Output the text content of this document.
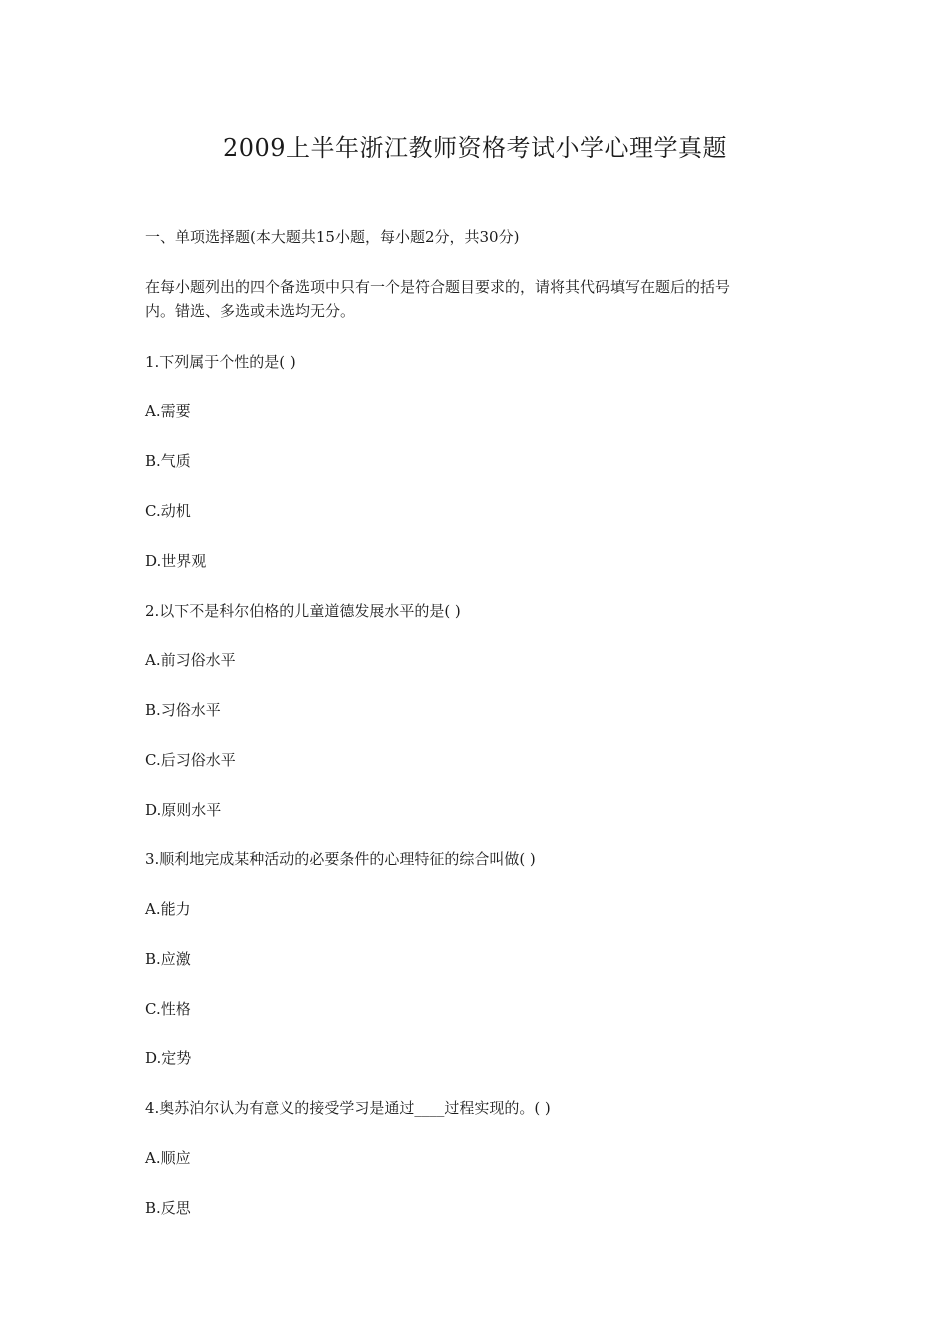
2009上半年浙江教师资格考试小学心理学真题
一、单项选择题(本大题共15小题，每小题2分，共30分)
在每小题列出的四个备选项中只有一个是符合题目要求的，请将其代码填写在题后的括号
内。错选、多选或未选均无分。
1.下列属于个性的是( )
A.需要
B.气质
C.动机
D.世界观
2.以下不是科尔伯格的儿童道德发展水平的是( )
A.前习俗水平
B.习俗水平
C.后习俗水平
D.原则水平
3.顺利地完成某种活动的必要条件的心理特征的综合叫做( )
A.能力
B.应激
C.性格
D.定势
4.奥苏泊尔认为有意义的接受学习是通过____过程实现的。( )
A.顺应
B.反思
